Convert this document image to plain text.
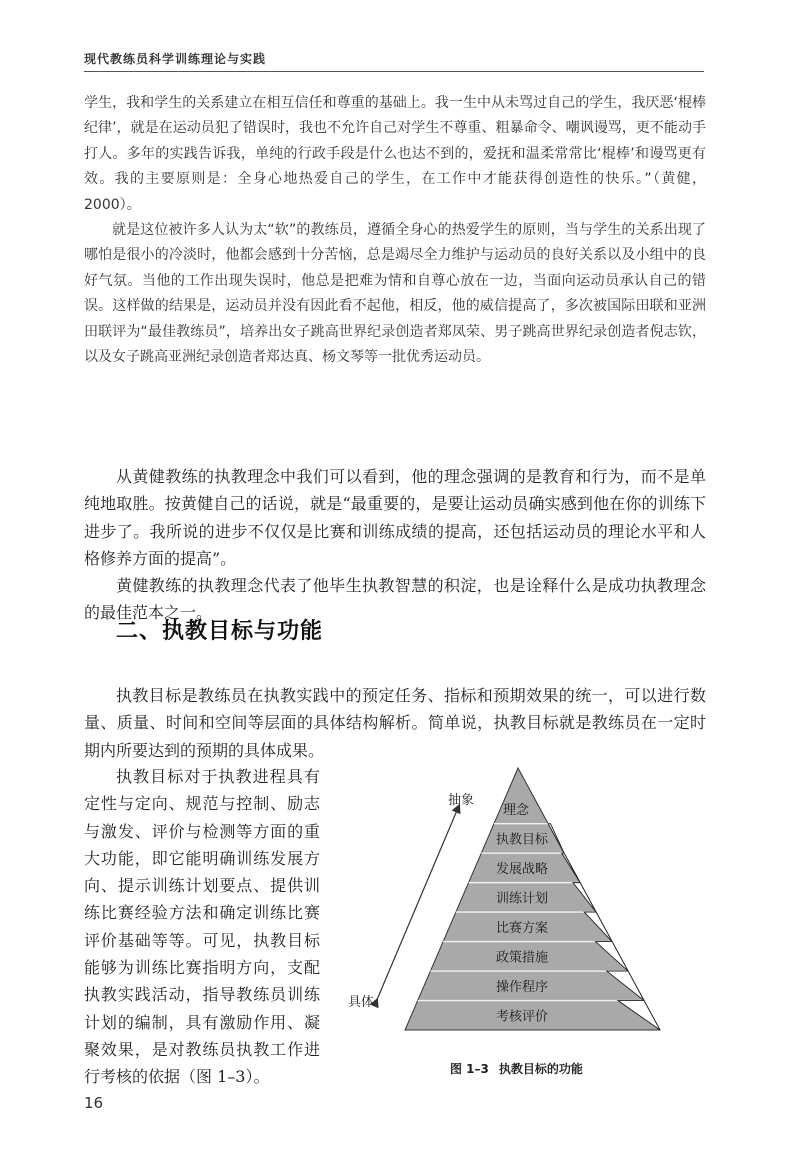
现代教练员科学训练理论与实践

学生，我和学生的关系建立在相互信任和尊重的基础上。我一生中从未骂过自己的学生，我厌恶‘棍棒纪律’，就是在运动员犯了错误时，我也不允许自己对学生不尊重、粗暴命令、嘲讽谩骂，更不能动手打人。多年的实践告诉我，单纯的行政手段是什么也达不到的，爱抚和温柔常常比‘棍棒’和谩骂更有效。我的主要原则是：全身心地热爱自己的学生，在工作中才能获得创造性的快乐。”（黄健，2000）。

就是这位被许多人认为太“软”的教练员，遵循全身心的热爱学生的原则，当与学生的关系出现了哪怕是很小的冷淡时，他都会感到十分苦恼，总是竭尽全力维护与运动员的良好关系以及小组中的良好气氛。当他的工作出现失误时，他总是把难为情和自尊心放在一边，当面向运动员承认自己的错误。这样做的结果是，运动员并没有因此看不起他，相反，他的威信提高了，多次被国际田联和亚洲田联评为“最佳教练员”，培养出女子跳高世界纪录创造者郑凤荣、男子跳高世界纪录创造者倪志钦，以及女子跳高亚洲纪录创造者郑达真、杨文琴等一批优秀运动员。

从黄健教练的执教理念中我们可以看到，他的理念强调的是教育和行为，而不是单纯地取胜。按黄健自己的话说，就是“最重要的，是要让运动员确实感到他在你的训练下进步了。我所说的进步不仅仅是比赛和训练成绩的提高，还包括运动员的理论水平和人格修养方面的提高”。

黄健教练的执教理念代表了他毕生执教智慧的积淀，也是诠释什么是成功执教理念的最佳范本之一。

二、执教目标与功能

执教目标是教练员在执教实践中的预定任务、指标和预期效果的统一，可以进行数量、质量、时间和空间等层面的具体结构解析。简单说，执教目标就是教练员在一定时期内所要达到的预期的具体成果。

执教目标对于执教进程具有定性与定向、规范与控制、励志与激发、评价与检测等方面的重大功能，即它能明确训练发展方向、提示训练计划要点、提供训练比赛经验方法和确定训练比赛评价基础等等。可见，执教目标能够为训练比赛指明方向，支配执教实践活动，指导教练员训练计划的编制，具有激励作用、凝聚效果，是对教练员执教工作进行考核的依据（图 1–3）。

理念
执教目标
发展战略
训练计划
比赛方案
政策措施
操作程序
考核评价
抽象
具体
图 1–3 执教目标的功能
16
